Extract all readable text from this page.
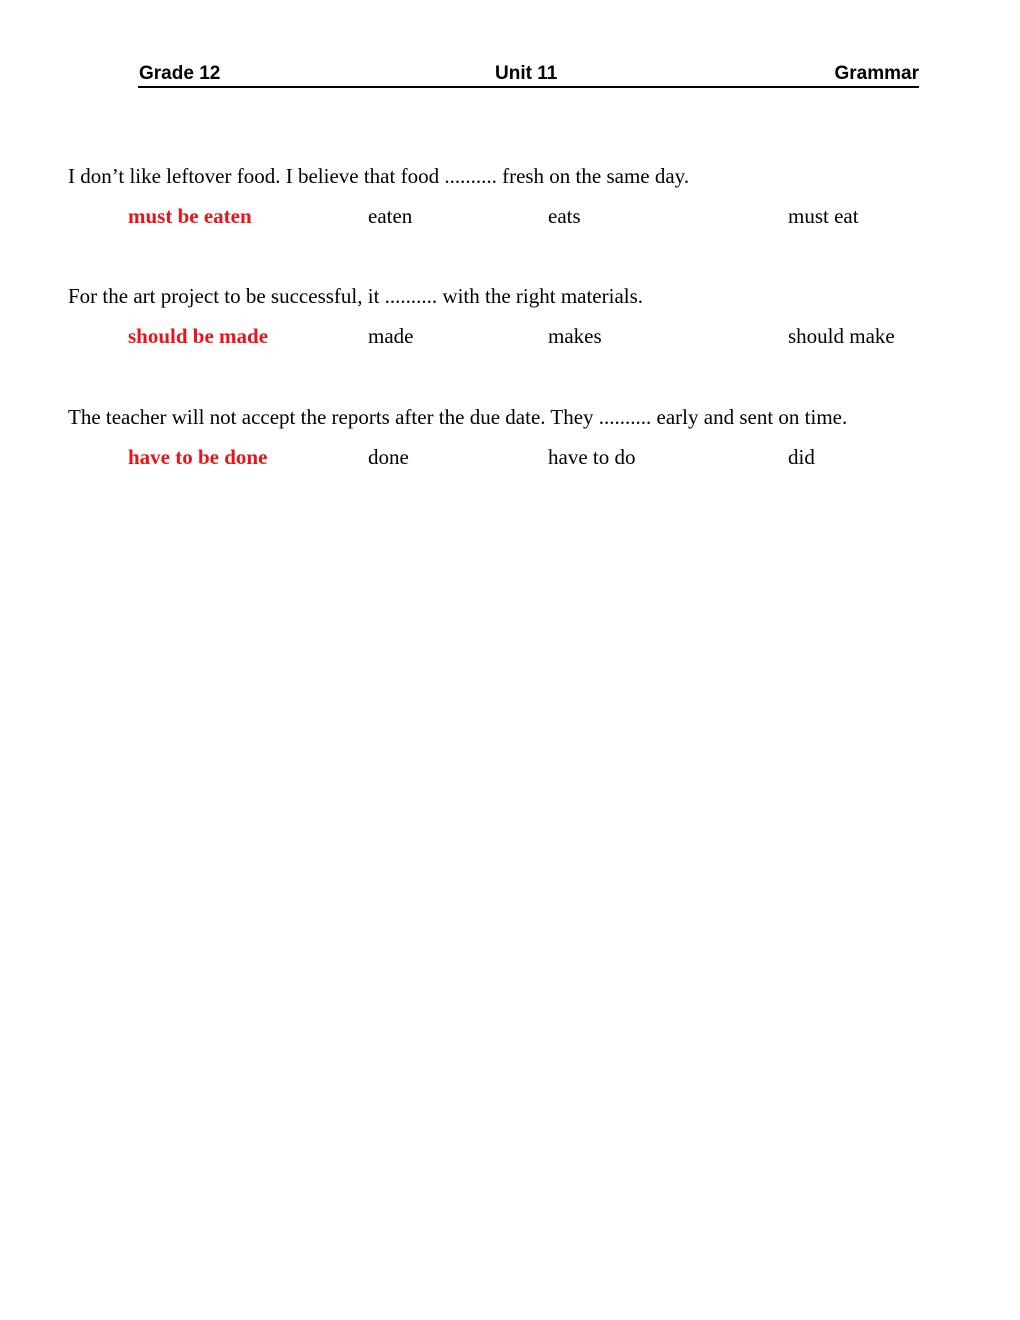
Grade 12	Unit 11	Grammar
I don’t like leftover food. I believe that food .......... fresh on the same day.
must be eaten	eaten	eats	must eat
For the art project to be successful, it .......... with the right materials.
should be made	made	makes	should make
The teacher will not accept the reports after the due date. They .......... early and sent on time.
have to be done	done	have to do	did
